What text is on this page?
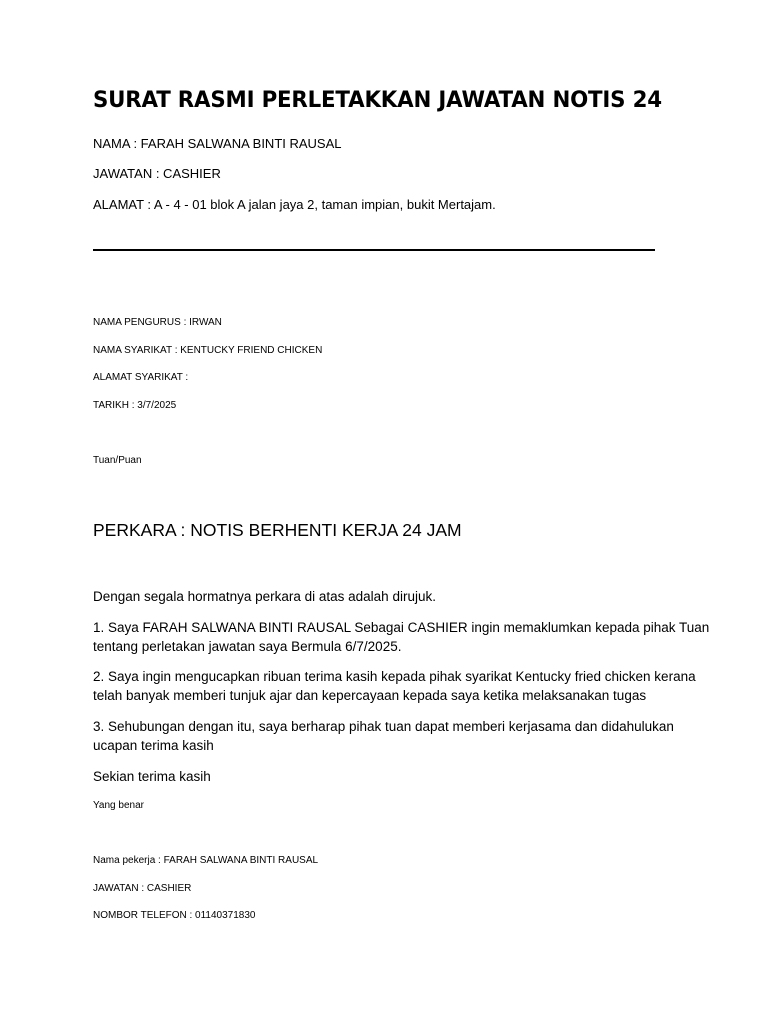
SURAT RASMI PERLETAKKAN JAWATAN NOTIS 24

NAMA : FARAH SALWANA BINTI RAUSAL

JAWATAN : CASHIER

ALAMAT : A - 4 - 01 blok A jalan jaya 2, taman impian, bukit Mertajam.

NAMA PENGURUS : IRWAN

NAMA SYARIKAT : KENTUCKY FRIEND CHICKEN

ALAMAT SYARIKAT :

TARIKH : 3/7/2025

Tuan/Puan

PERKARA : NOTIS BERHENTI KERJA 24 JAM

Dengan segala hormatnya perkara di atas adalah dirujuk.

1. Saya FARAH SALWANA BINTI RAUSAL Sebagai CASHIER ingin memaklumkan kepada pihak Tuan

tentang perletakan jawatan saya Bermula 6/7/2025.

2. Saya ingin mengucapkan ribuan terima kasih kepada pihak syarikat Kentucky fried chicken kerana

telah banyak memberi tunjuk ajar dan kepercayaan kepada saya ketika melaksanakan tugas

3. Sehubungan dengan itu, saya berharap pihak tuan dapat memberi kerjasama dan didahulukan

ucapan terima kasih

Sekian terima kasih

Yang benar

Nama pekerja : FARAH SALWANA BINTI RAUSAL

JAWATAN : CASHIER

NOMBOR TELEFON : 01140371830
